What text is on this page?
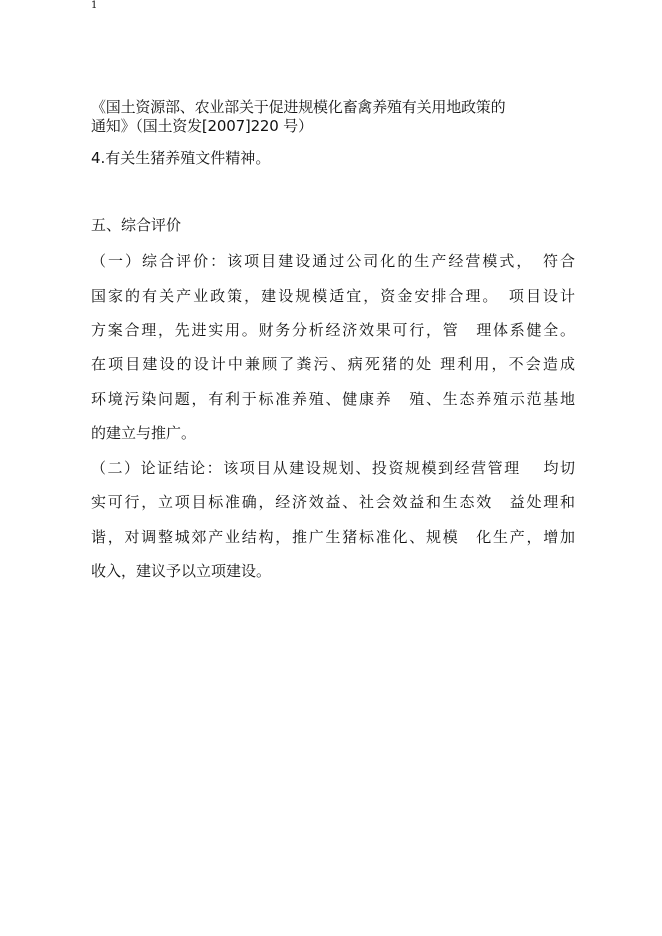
1
《国土资源部、农业部关于促进规模化畜禽养殖有关用地政策的
通知》（国土资发[2007]220 号）
4.有关生猪养殖文件精神。
五、综合评价
（一）综合评价：该项目建设通过公司化的生产经营模式，　符合
国家的有关产业政策，建设规模适宜，资金安排合理。　项目设计
方案合理，先进实用。财务分析经济效果可行，管　理体系健全。
在项目建设的设计中兼顾了粪污、病死猪的处 理利用，不会造成
环境污染问题，有利于标准养殖、健康养　殖、生态养殖示范基地
的建立与推广。
（二）论证结论：该项目从建设规划、投资规模到经营管理　 均切
实可行，立项目标准确，经济效益、社会效益和生态效　益处理和
谐，对调整城郊产业结构，推广生猪标准化、规模　化生产，增加
收入，建议予以立项建设。
